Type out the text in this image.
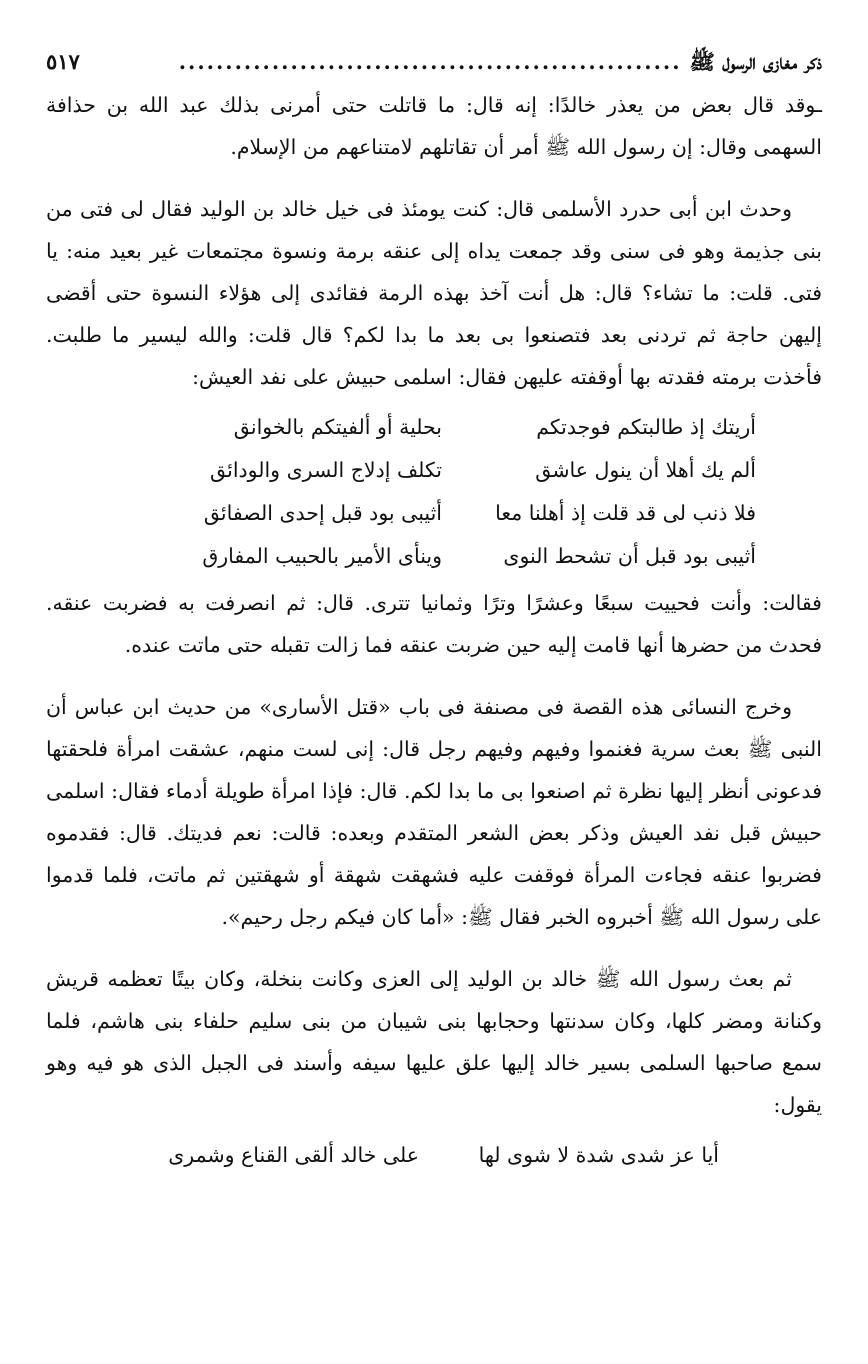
ذكر مغازى الرسول ﷺ
......................................................
٥١٧

ـوقد قال بعض من يعذر خالدًا: إنه قال: ما قاتلت حتى أمرنى بذلك عبد الله بن حذافة السهمى وقال: إن رسول الله ﷺ أمر أن تقاتلهم لامتناعهم من الإسلام.

وحدث ابن أبى حدرد الأسلمى قال: كنت يومئذ فى خيل خالد بن الوليد فقال لى فتى من بنى جذيمة وهو فى سنى وقد جمعت يداه إلى عنقه برمة ونسوة مجتمعات غير بعيد منه: يا فتى. قلت: ما تشاء؟ قال: هل أنت آخذ بهذه الرمة فقائدى إلى هؤلاء النسوة حتى أقضى إليهن حاجة ثم تردنى بعد فتصنعوا بى بعد ما بدا لكم؟ قال قلت: والله ليسير ما طلبت. فأخذت برمته فقدته بها أوقفته عليهن فقال: اسلمى حبيش على نفد العيش:

أريتك إذ طالبتكم فوجدتكم
بحلية أو ألفيتكم بالخوانق
ألم يك أهلا أن ينول عاشق
تكلف إدلاج السرى والودائق
فلا ذنب لى قد قلت إذ أهلنا معا
أثيبى بود قبل إحدى الصفائق
أثيبى بود قبل أن تشحط النوى
وينأى الأمير بالحبيب المفارق

فقالت: وأنت فحييت سبعًا وعشرًا وترًا وثمانيا تترى. قال: ثم انصرفت به فضربت عنقه. فحدث من حضرها أنها قامت إليه حين ضربت عنقه فما زالت تقبله حتى ماتت عنده.

وخرج النسائى هذه القصة فى مصنفة فى باب «قتل الأسارى» من حديث ابن عباس أن النبى ﷺ بعث سرية فغنموا وفيهم وفيهم رجل قال: إنى لست منهم، عشقت امرأة فلحقتها فدعونى أنظر إليها نظرة ثم اصنعوا بى ما بدا لكم. قال: فإذا امرأة طويلة أدماء فقال: اسلمى حبيش قبل نفد العيش وذكر بعض الشعر المتقدم وبعده: قالت: نعم فديتك. قال: فقدموه فضربوا عنقه فجاءت المرأة فوقفت عليه فشهقت شهقة أو شهقتين ثم ماتت، فلما قدموا على رسول الله ﷺ أخبروه الخبر فقال ﷺ: «أما كان فيكم رجل رحيم».

ثم بعث رسول الله ﷺ خالد بن الوليد إلى العزى وكانت بنخلة، وكان بيتًا تعظمه قريش وكنانة ومضر كلها، وكان سدنتها وحجابها بنى شيبان من بنى سليم حلفاء بنى هاشم، فلما سمع صاحبها السلمى بسير خالد إليها علق عليها سيفه وأسند فى الجبل الذى هو فيه وهو يقول:

أيا عز شدى شدة لا شوى لها
على خالد ألقى القناع وشمرى
